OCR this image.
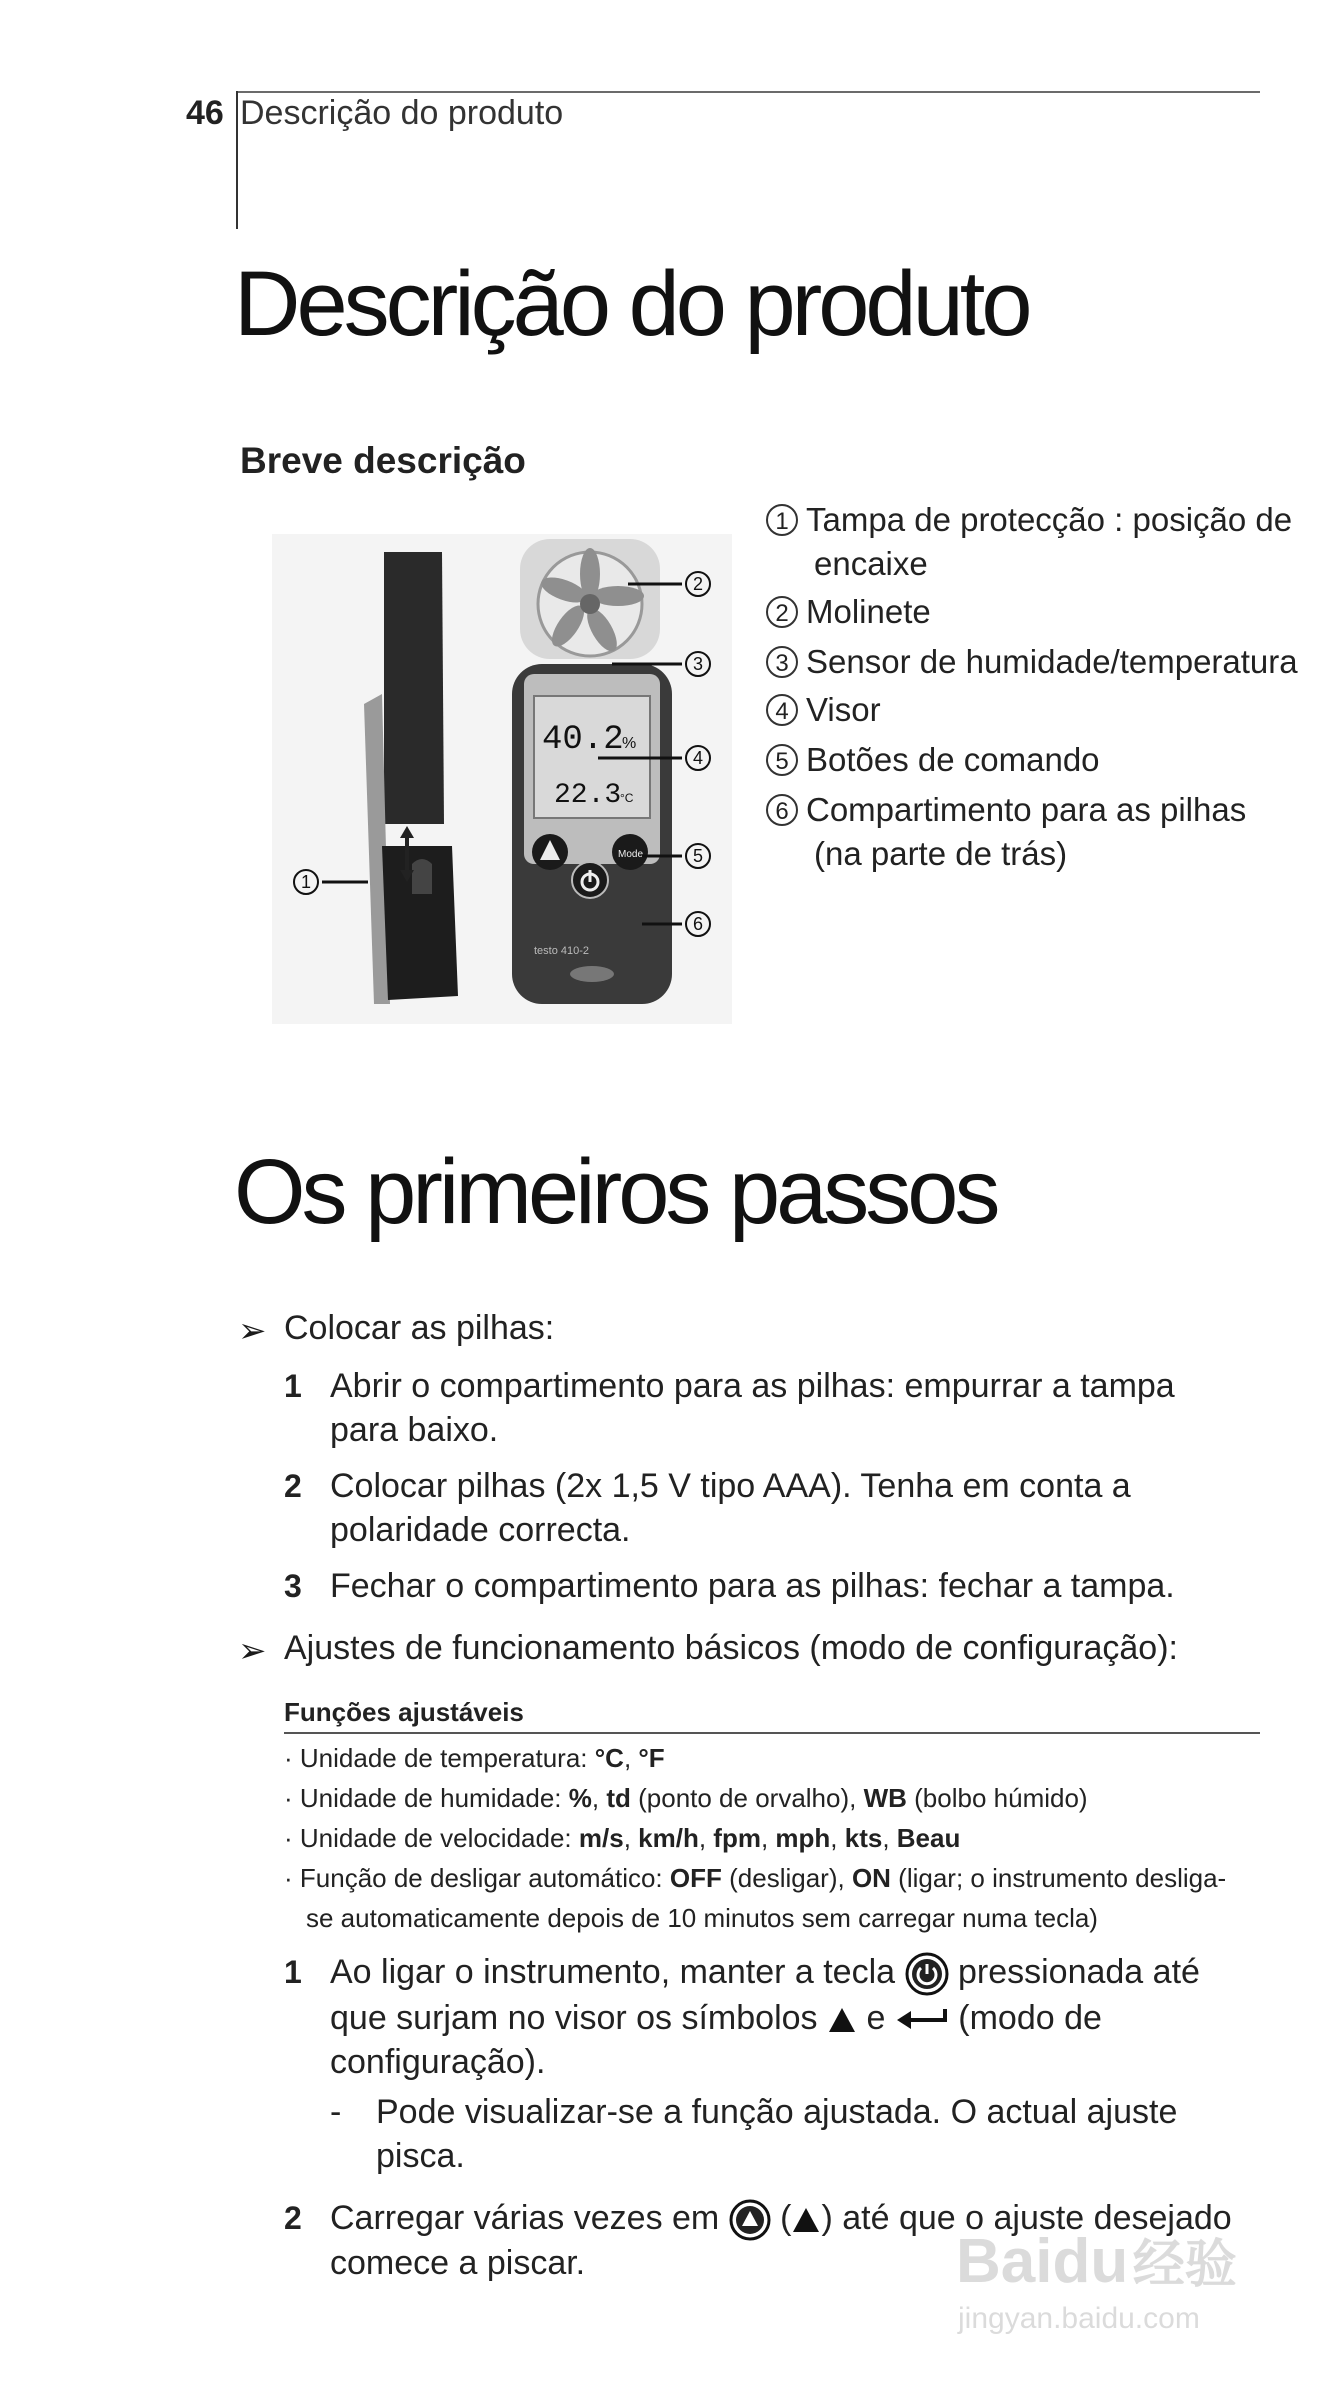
46 Descrição do produto
Descrição do produto
Breve descrição
40.2
%
22.3
°C
Mode
testo 410-2
2
3
4
5
6
1
1 Tampa de protecção : posição de
encaixe
2 Molinete
3 Sensor de humidade/temperatura
4 Visor
5 Botões de comando
6 Compartimento para as pilhas
(na parte de trás)
Os primeiros passos
➢ Colocar as pilhas:
1 Abrir o compartimento para as pilhas: empurrar a tampa
para baixo.
2 Colocar pilhas (2x 1,5 V tipo AAA). Tenha em conta a
polaridade correcta.
3 Fechar o compartimento para as pilhas: fechar a tampa.
➢ Ajustes de funcionamento básicos (modo de configuração):
Funções ajustáveis
· Unidade de temperatura: °C, °F
· Unidade de humidade: %, td (ponto de orvalho), WB (bolbo húmido)
· Unidade de velocidade: m/s, km/h, fpm, mph, kts, Beau
· Função de desligar automático: OFF (desligar), ON (ligar; o instrumento desliga-
se automaticamente depois de 10 minutos sem carregar numa tecla)
1 Ao ligar o instrumento, manter a tecla pressionada até
que surjam no visor os símbolos e (modo de
configuração).
- Pode visualizar-se a função ajustada. O actual ajuste
pisca.
2 Carregar várias vezes em ( ) até que o ajuste desejado
comece a piscar.	Baidu 经验
jingyan.baidu.com
